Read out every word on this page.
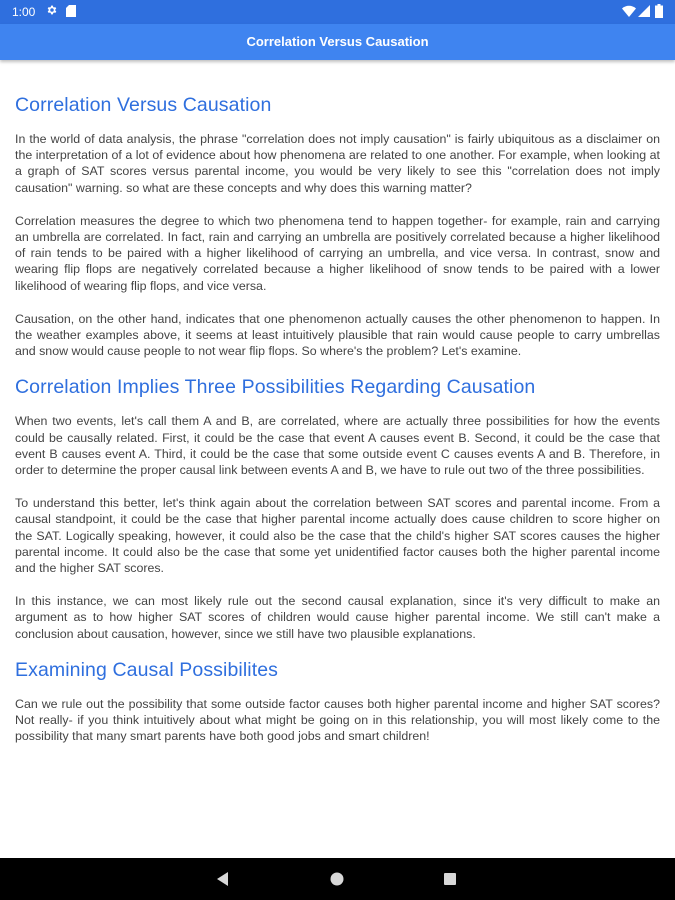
1:00
Correlation Versus Causation
Correlation Versus Causation

In the world of data analysis, the phrase "correlation does not imply causation" is fairly ubiquitous as a disclaimer on the interpretation of a lot of evidence about how phenomena are related to one another. For example, when looking at a graph of SAT scores versus parental income, you would be very likely to see this "correlation does not imply causation" warning. so what are these concepts and why does this warning matter?

Correlation measures the degree to which two phenomena tend to happen together- for example, rain and carrying an umbrella are correlated. In fact, rain and carrying an umbrella are positively correlated because a higher likelihood of rain tends to be paired with a higher likelihood of carrying an umbrella, and vice versa. In contrast, snow and wearing flip flops are negatively correlated because a higher likelihood of snow tends to be paired with a lower likelihood of wearing flip flops, and vice versa.

Causation, on the other hand, indicates that one phenomenon actually causes the other phenomenon to happen. In the weather examples above, it seems at least intuitively plausible that rain would cause people to carry umbrellas and snow would cause people to not wear flip flops. So where's the problem? Let's examine.

Correlation Implies Three Possibilities Regarding Causation

When two events, let's call them A and B, are correlated, where are actually three possibilities for how the events could be causally related. First, it could be the case that event A causes event B. Second, it could be the case that event B causes event A. Third, it could be the case that some outside event C causes events A and B. Therefore, in order to determine the proper causal link between events A and B, we have to rule out two of the three possibilities.

To understand this better, let's think again about the correlation between SAT scores and parental income. From a causal standpoint, it could be the case that higher parental income actually does cause children to score higher on the SAT. Logically speaking, however, it could also be the case that the child's higher SAT scores causes the higher parental income. It could also be the case that some yet unidentified factor causes both the higher parental income and the higher SAT scores.

In this instance, we can most likely rule out the second causal explanation, since it's very difficult to make an argument as to how higher SAT scores of children would cause higher parental income. We still can't make a conclusion about causation, however, since we still have two plausible explanations.

Examining Causal Possibilites

Can we rule out the possibility that some outside factor causes both higher parental income and higher SAT scores? Not really- if you think intuitively about what might be going on in this relationship, you will most likely come to the possibility that many smart parents have both good jobs and smart children!
